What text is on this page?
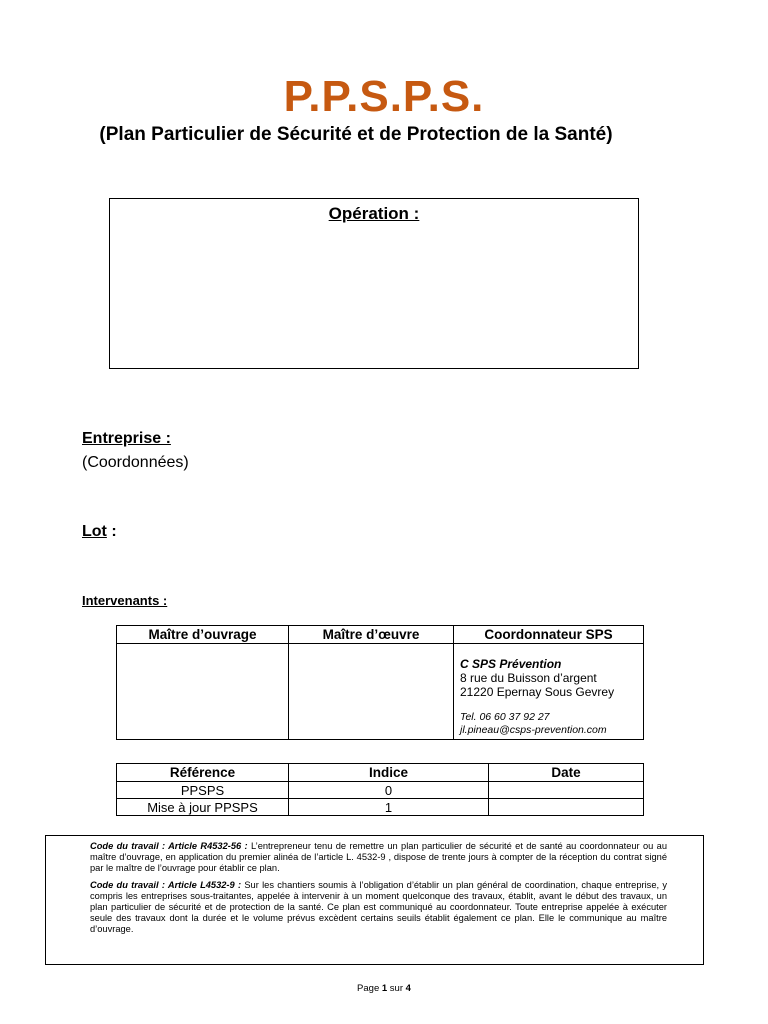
P.P.S.P.S.
(Plan Particulier de Sécurité et de Protection de la Santé)
Opération :
Entreprise :
(Coordonnées)
Lot :
Intervenants :
Maître d’ouvrage	Maître d’œuvre	Coordonnateur SPS

		C SPS Prévention
8 rue du Buisson d’argent
21220 Epernay Sous Gevrey
Tel. 06 60 37 92 27
jl.pineau@csps-prevention.com
Référence	Indice	Date
PPSPS	0	
Mise à jour PPSPS	1	

Code du travail : Article R4532-56 : L’entrepreneur tenu de remettre un plan particulier de sécurité et de santé au coordonnateur ou au maître d’ouvrage, en application du premier alinéa de l’article L. 4532-9 , dispose de trente jours à compter de la réception du contrat signé par le maître de l’ouvrage pour établir ce plan.

Code du travail : Article L4532-9 : Sur les chantiers soumis à l’obligation d’établir un plan général de coordination, chaque entreprise, y compris les entreprises sous-traitantes, appelée à intervenir à un moment quelconque des travaux, établit, avant le début des travaux, un plan particulier de sécurité et de protection de la santé. Ce plan est communiqué au coordonnateur. Toute entreprise appelée à exécuter seule des travaux dont la durée et le volume prévus excèdent certains seuils établit également ce plan. Elle le communique au maître d’ouvrage.

Page 1 sur 4
